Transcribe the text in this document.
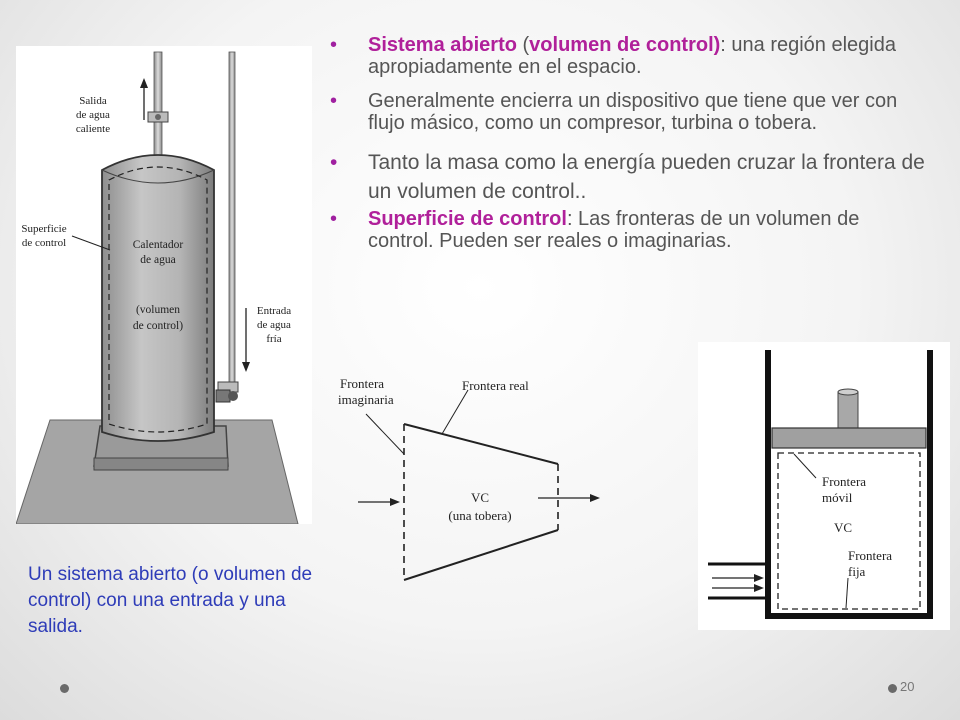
Salida
de agua
caliente
Superficie
de control	Calentador
de agua
(volumen
de control)
Entrada
de agua
fría
• Sistema abierto (volumen de control): una región elegida apropiadamente en el espacio.
• Generalmente encierra un dispositivo que tiene que ver con flujo másico, como un compresor, turbina o tobera.
• Tanto la masa como la energía pueden cruzar la frontera de un volumen de control..
• Superficie de control: Las fronteras de un volumen de control. Pueden ser reales o imaginarias.
Frontera
imaginaria
Frontera real
VC
(una tobera)
Frontera
móvil
VC
Frontera
fija
Un sistema abierto (o volumen de control) con una entrada y una salida.
20
